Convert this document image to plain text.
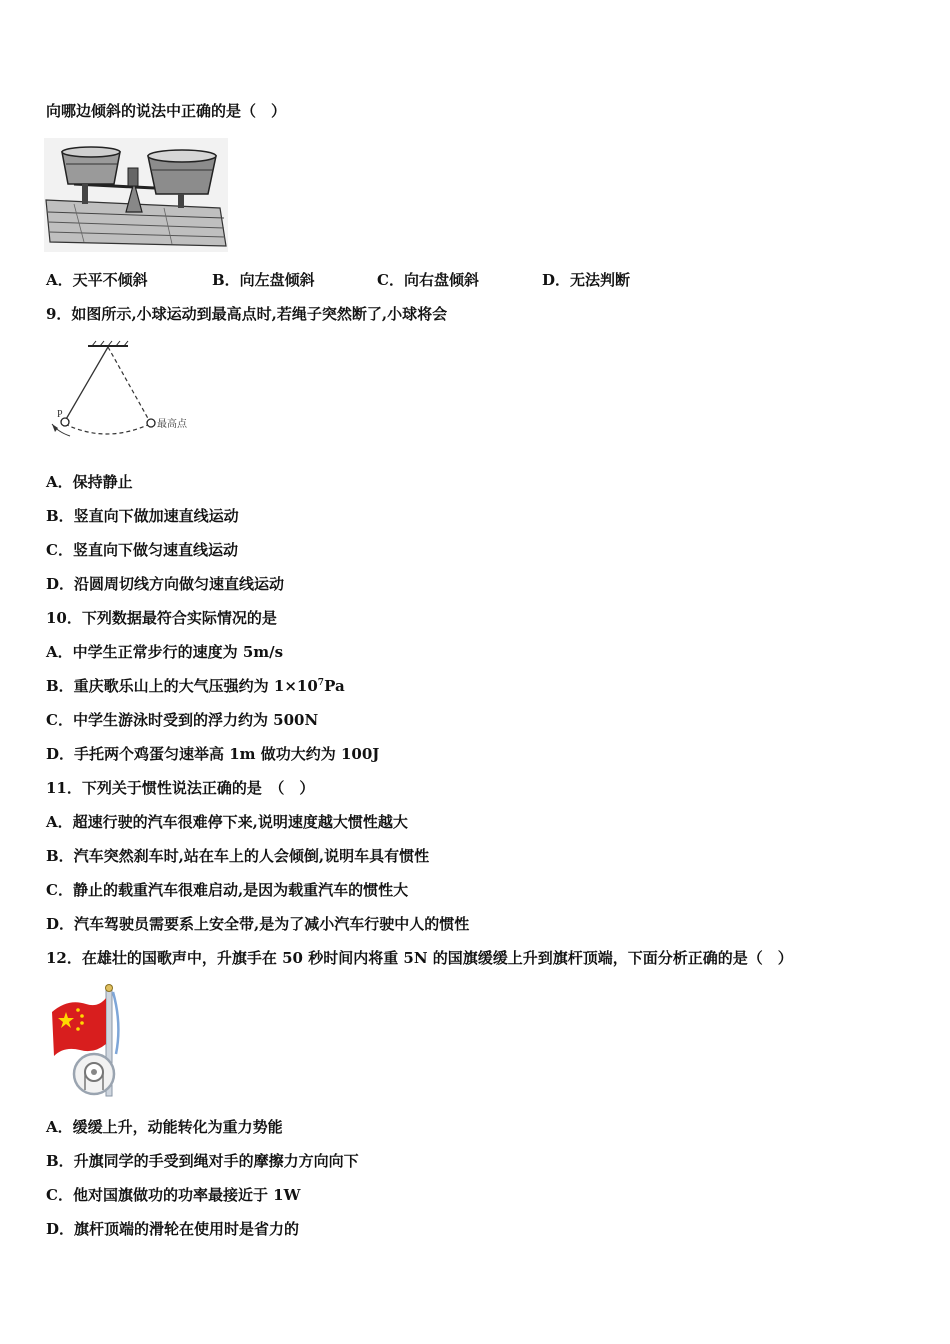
向哪边倾斜的说法中正确的是（　）
A．天平不倾斜	B．向左盘倾斜	C．向右盘倾斜	D．无法判断
9．如图所示,小球运动到最高点时,若绳子突然断了,小球将会
P
最高点
A．保持静止
B．竖直向下做加速直线运动
C．竖直向下做匀速直线运动
D．沿圆周切线方向做匀速直线运动
10．下列数据最符合实际情况的是
A．中学生正常步行的速度为 5m/s
B．重庆歌乐山上的大气压强约为 $1\times 10^7Pa$
C．中学生游泳时受到的浮力约为 500N
D．手托两个鸡蛋匀速举高 1m 做功大约为 100J
11．下列关于惯性说法正确的是　（　）
A．超速行驶的汽车很难停下来,说明速度越大惯性越大
B．汽车突然刹车时,站在车上的人会倾倒,说明车具有惯性
C．静止的载重汽车很难启动,是因为载重汽车的惯性大
D．汽车驾驶员需要系上安全带,是为了减小汽车行驶中人的惯性
12．在雄壮的国歌声中，升旗手在 50 秒时间内将重 5N 的国旗缓缓上升到旗杆顶端，下面分析正确的是（　）
A．缓缓上升，动能转化为重力势能
B．升旗同学的手受到绳对手的摩擦力方向向下
C．他对国旗做功的功率最接近于 1W
D．旗杆顶端的滑轮在使用时是省力的
